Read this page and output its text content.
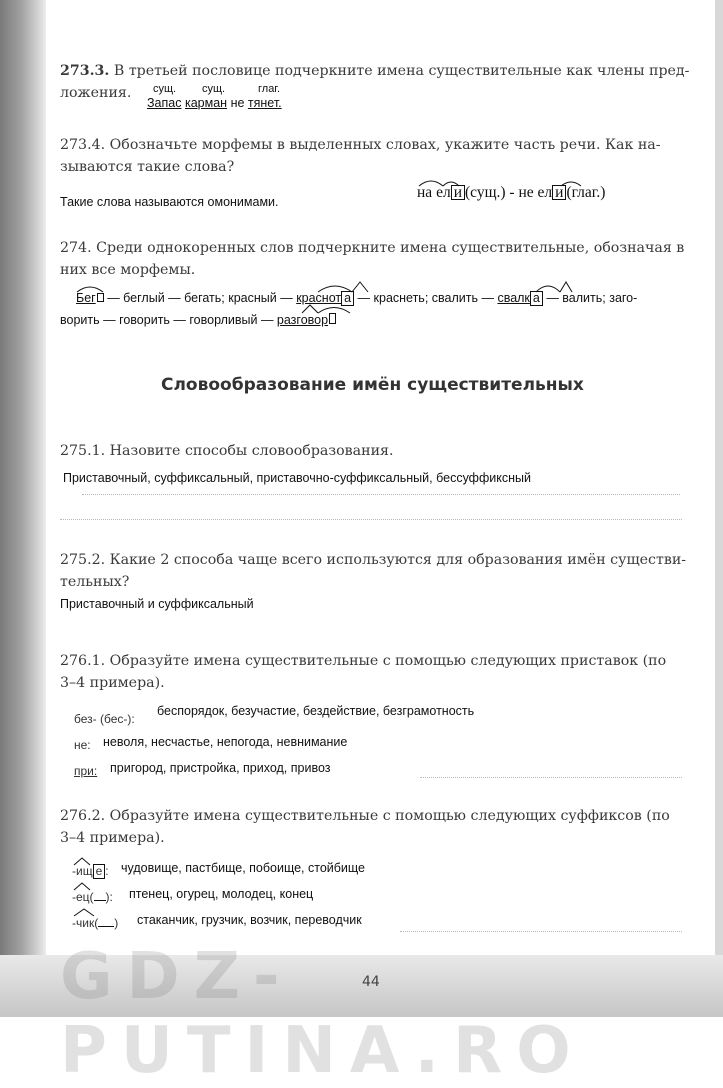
GDZ-PUTINA.RO
273.3. В третьей пословице подчеркните имена существительные как члены пред-
ложения. сущ. сущ.	глаг.
Запас карман не тянет.
273.4. Обозначьте морфемы в выделенных словах, укажите часть речи. Как на-
зываются такие слова?
Такие слова называются омонимами.
на ел и (сущ.) - не ел и (глаг.)
274. Среди однокоренных слов подчеркните имена существительные, обозначая в
них все морфемы.
Бег — беглый — бегать; красный — краснот а — краснеть; свалить — свалк а — валить; заго-
ворить — говорить — говорливый — разговор
Словообразование имён существительных
275.1. Назовите способы словообразования.
Приставочный, суффиксальный, приставочно-суффиксальный, бессуффиксный
275.2. Какие 2 способа чаще всего используются для образования имён существи-
тельных?
Приставочный и суффиксальный
276.1. Образуйте имена существительные с помощью следующих приставок (по
3–4 примера).
без- (бес-):
беспорядок, безучастие, бездействие, безграмотность
не: неволя, несчастье, непогода, невнимание
при: пригород, пристройка, приход, привоз
276.2. Образуйте имена существительные с помощью следующих суффиксов (по
3–4 примера).
-ищ е : чудовище, пастбище, побоище, стойбище
-ец( ): птенец, огурец, молодец, конец
-чик( ) стаканчик, грузчик, возчик, переводчик
44
